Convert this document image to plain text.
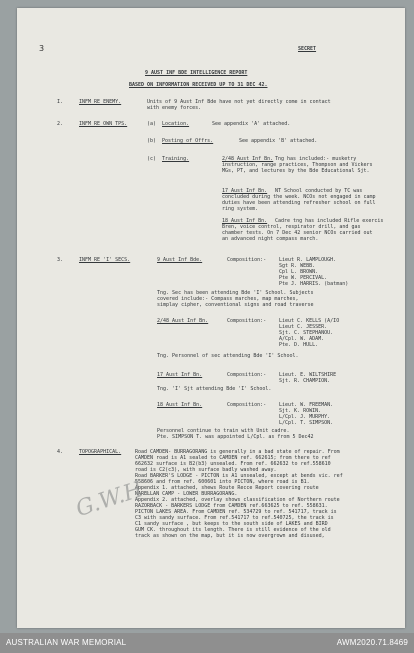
3	SECRET
9 AUST INF BDE INTELLIGENCE REPORT
BASED ON INFORMATION RECEIVED UP TO 31 DEC 42.
I.	INFM RE ENEMY.	Units of 9 Aust Inf Bde have not yet directly come in contact
with enemy forces.
2.	INFM RE OWN TPS.	(a) Location.	See appendix 'A' attached.
(b) Posting of Offrs.	See appendix 'B' attached.
(c) Training.	2/48 Aust Inf Bn. Tng has included:- musketry
instruction, range practices, Thompson and Vickers
MGs, PT, and lectures by the Bde Educational Sjt.
17 Aust Inf Bn. NT School conducted by TC was
concluded during the week. NCOs not engaged in camp
duties have been attending refresher school on full
ring system.
18 Aust Inf Bn. Cadre tng has included Rifle exercis
Bren, voice control, respirator drill, and gas
chamber tests. On 7 Dec 42 senior NCOs carried out
an advanced night compass march.
3.	INFM RE 'I' SECS.	9 Aust Inf Bde.	Composition:-	Lieut R. LAMPLOUGH.
Sgt R. WEBB.
Cpl L. BROWN.
Pte W. PERCIVAL.
Pte J. HARRIS. (batman)
Tng. Sec has been attending Bde 'I' School. Subjects
covered include:- Compass marches, map marches,
simplay cipher, conventional signs and road traverse
2/48 Aust Inf Bn.	Composition:-	Lieut C. KELLS (A/IO
Lieut C. JESSER.
Sjt. C. STEPHANOU.
A/Cpl. W. ADAM.
Pte. D. HULL.
Tng. Personnel of sec attending Bde 'I' School.
17 Aust Inf Bn.	Composition:-	Lieut. E. WILTSHIRE
Sjt. R. CHAMPION.
Tng. 'I' Sjt attending Bde 'I' School.
18 Aust Inf Bn.	Composition:-	Lieut. W. FREEMAN.
Sjt. K. ROWIN.
L/Cpl. J. MURPHY.
L/Cpl. T. SIMPSON.
Personnel continue to train with Unit cadre.
Pte. SIMPSON T. was appointed L/Cpl. as from 5 Dec42
4.	TOPOGRAPHICAL.	Road CAMDEN- BURRAGORANG is generally in a bad state of repair. From
CAMDEN road is A1 sealed to CAMDEN ref. 662615; from there to ref
662632 surface is B2(b3) unsealed. From ref. 662632 to ref.558610
road is C2(c3), with surface badly washed away.
Road BARKER'S LODGE - PICTON is A1 unsealed, except at bends vic. ref
558606 and from ref. 600601 into PICTON, where road is B1.
Appendix 1. attached, shews Route Recce Report covering route
NARELLAN CAMP - LOWER BURRAGORANG.
Appendix 2. attached, overlay shows classification of Northern route
RAZORBACK - BARKERS LODGE from CAMDEN ref.663625 to ref. 558631.
PICTON LAKES AREA. From CAMDEN ref. 534729 to ref. 541717, track is
C3 with sandy surface. From ref.541717 to ref.540725, the track is
C1 sandy surface , but keeps to the south side of LAKES and BIRD
GUM CK. throughout its length. There is still evidence of the old
track as shown on the map, but it is now overgrown and disused,
G.W.H.
AUSTRALIAN WAR MEMORIAL	AWM2020.71.8469
